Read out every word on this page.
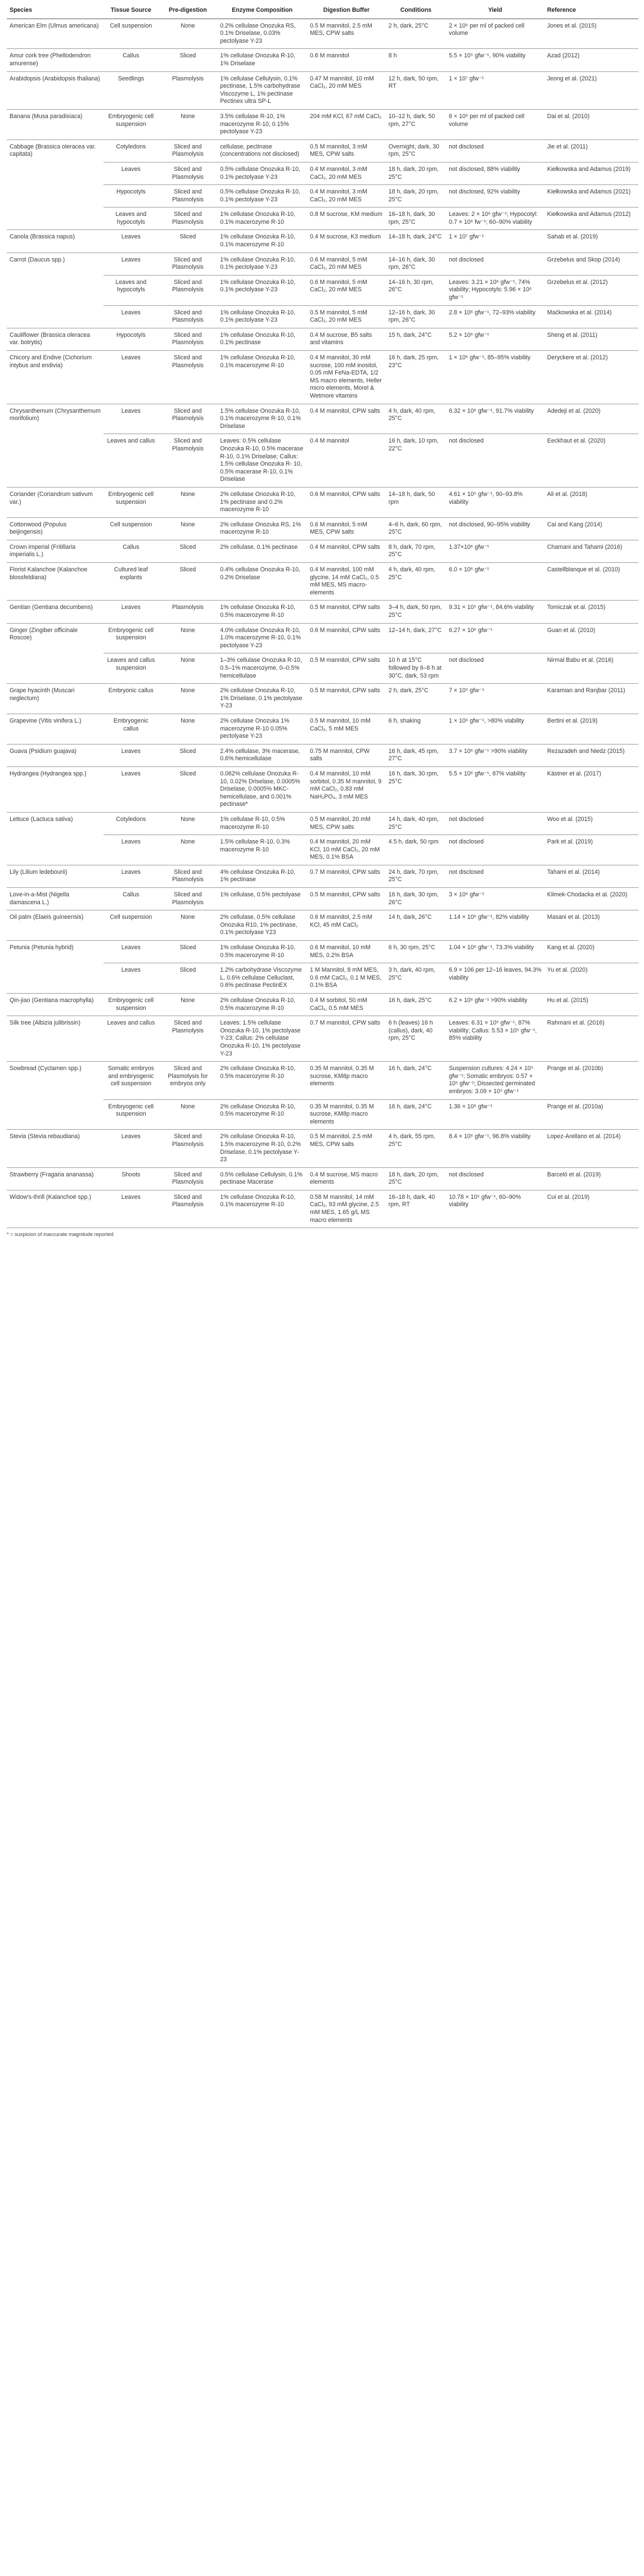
Species	Tissue Source	Pre-digestion	Enzyme Composition	Digestion Buffer	Conditions	Yield	Reference
American Elm (Ulmus americana)	Cell suspension	None	0.2% cellulase Onozuka RS, 0.1% Driselase, 0.03% pectolyase Y-23	0.5 M mannitol, 2.5 mM MES, CPW salts	2 h, dark, 25°C	2 × 10⁶ per ml of packed cell volume	Jones et al. (2015)
Amur cork tree (Phellodendron amurense)	Callus	Sliced	1% cellulase Onozuka R-10, 1% Driselase	0.6 M mannitol	8 h	5.5 × 10⁵ gfw⁻¹, 90% viability	Azad (2012)
Arabidopsis (Arabidopsis thaliana)	Seedlings	Plasmolysis	1% cellulase Cellulysin, 0.1% pectinase, 1.5% carbohydrase Viscozyme L, 1% pectinase Pectinex ultra SP-L	0.47 M mannitol, 10 mM CaCl₂, 20 mM MES	12 h, dark, 50 rpm, RT	1 × 10⁷ gfw⁻¹	Jeong et al. (2021)
Banana (Musa paradisiaca)	Embryogenic cell suspension	None	3.5% cellulase R-10, 1% macerozyme R-10, 0.15% pectolyase Y-23	204 mM KCl, 67 mM CaCl₂	10–12 h, dark, 50 rpm, 27°C	6 × 10⁶ per ml of packed cell volume	Dai et al. (2010)
Cabbage (Brassica oleracea var. capitata)	Cotyledons	Sliced and Plasmolysis	cellulase, pectinase (concentrations not disclosed)	0.5 M mannitol, 3 mM MES, CPW salts	Overnight, dark, 30 rpm, 25°C	not disclosed	Jie et al. (2011)
	Leaves	Sliced and Plasmolysis	0.5% cellulase Onozuka R-10, 0.1% pectolyase Y-23	0.4 M mannitol, 3 mM CaCl₂, 20 mM MES	18 h, dark, 20 rpm, 25°C	not disclosed, 88% viability	Kiełkowska and Adamus (2019)
	Hypocotyls	Sliced and Plasmolysis	0.5% cellulase Onozuka R-10, 0.1% pectolyase Y-23	0.4 M mannitol, 3 mM CaCl₂, 20 mM MES	18 h, dark, 20 rpm, 25°C	not disclosed, 92% viability	Kiełkowska and Adamus (2021)
	Leaves and hypocotyls	Sliced and Plasmolysis	1% cellulase Onozuka R-10, 0.1% macerozyme R-10	0.8 M sucrose, KM medium	16–18 h, dark, 30 rpm, 25°C	Leaves: 2 × 10⁶ gfw⁻¹; Hypocotyl: 0.7 × 10⁶ fw⁻¹; 60–90% viability	Kiełkowska and Adamus (2012)
Canola (Brassica napus)	Leaves	Sliced	1% cellulase Onozuka R-10, 0.1% macerozyme R-10	0.4 M sucrose, K3 medium	14–18 h, dark, 24°C	1 × 10⁷ gfw⁻¹	Sahab et al. (2019)
Carrot (Daucus spp.)	Leaves	Sliced and Plasmolysis	1% cellulase Onozuka R-10, 0.1% pectolyase Y-23	0.6 M mannitol, 5 mM CaCl₂, 20 mM MES	14–16 h, dark, 30 rpm, 26°C	not disclosed	Grzebelus and Skop (2014)
	Leaves and hypocotyls	Sliced and Plasmolysis	1% cellulase Onozuka R-10, 0.1% pectolyase Y-23	0.6 M mannitol, 5 mM CaCl₂, 20 mM MES	14–16 h, 30 rpm, 26°C	Leaves: 3.21 × 10⁶ gfw⁻¹, 74% viability; Hypocotyls: 5.96 × 10⁶ gfw⁻¹	Grzebelus et al. (2012)
	Leaves	Sliced and Plasmolysis	1% cellulase Onozuka R-10, 0.1% pectolyase Y-23	0.5 M mannitol, 5 mM CaCl₂, 20 mM MES	12–16 h, dark, 30 rpm, 26°C	2.8 × 10⁶ gfw⁻¹, 72–93% viability	Maćkowska et al. (2014)
Cauliflower (Brassica oleracea var. botrytis)	Hypocotyls	Sliced and Plasmolysis	1% cellulase Onozuka R-10, 0.1% pectinase	0.4 M sucrose, B5 salts and vitamins	15 h, dark, 24°C	5.2 × 10⁶ gfw⁻¹	Sheng et al. (2011)
Chicory and Endive (Cichorium intybus and endivia)	Leaves	Sliced and Plasmolysis	1% cellulase Onozuka R-10, 0.1% macerozyme R-10	0.4 M mannitol, 30 mM sucrose, 100 mM inositol, 0.05 mM FeNa-EDTA, 1/2 MS macro elements, Heller micro elements, Morel & Wetmore vitamins	16 h, dark, 25 rpm, 23°C	1 × 10⁶ gfw⁻¹, 85–95% viability	Deryckere et al. (2012)
Chrysanthemum (Chrysanthemum morifolium)	Leaves	Sliced and Plasmolysis	1.5% cellulase Onozuka R-10, 0.1% macerozyme R-10, 0.1% Driselase	0.4 M mannitol, CPW salts	4 h, dark, 40 rpm, 25°C	6.32 × 10⁶ gfw⁻¹, 91.7% viability	Adedeji et al. (2020)
	Leaves and callus	Sliced and Plasmolysis	Leaves: 0.5% cellulase Onozuka R-10, 0.5% macerase R-10, 0.1% Driselase; Callus: 1.5% cellulase Onozuka R- 10, 0.5% macerase R-10, 0.1% Driselase	0.4 M mannitol	16 h, dark, 10 rpm, 22°C	not disclosed	Eeckhaut et al. (2020)
Coriander (Coriandrum sativum var.)	Embryogenic cell suspension	None	2% cellulase Onozuka R-10, 1% pectinase and 0.2% macerozyme R-10	0.6 M mannitol, CPW salts	14–18 h, dark, 50 rpm	4.61 × 10⁵ gfw⁻¹, 90–93.8% viability	Ali et al. (2018)
Cottonwood (Populus beijingensis)	Cell suspension	None	2% cellulase Onozuka RS, 1% macerozyme R-10	0.6 M mannitol, 5 mM MES, CPW salts	4–6 h, dark, 60 rpm, 25°C	not disclosed, 90–95% viability	Cai and Kang (2014)
Crown imperial (Fritillaria imperialis L.)	Callus	Sliced	2% cellulase, 0.1% pectinase	0.4 M mannitol, CPW salts	8 h, dark, 70 rpm, 25°C	1.37×10⁶ gfw⁻¹	Chamani and Tahami (2016)
Florist Kalanchoe (Kalanchoe blossfeldiana)	Cultured leaf explants	Sliced	0.4% cellulase Onozuka R-10, 0.2% Driselase	0.4 M mannitol, 100 mM glycine, 14 mM CaCl₂, 0.5 mM MES, MS macro-elements	4 h, dark, 40 rpm, 25°C	6.0 × 10⁶ gfw⁻¹	Castellblanque et al. (2010)
Gentian (Gentiana decumbens)	Leaves	Plasmolysis	1% cellulase Onozuka R-10, 0.5% macerozyme R-10	0.5 M mannitol, CPW salts	3–4 h, dark, 50 rpm, 25°C	9.31 × 10⁵ gfw⁻¹, 84.6% viability	Tomiczak et al. (2015)
Ginger (Zingiber officinale Roscoe)	Embryogenic cell suspension	None	4.0% cellulase Onozuka R-10, 1.0% macerozyme R-10, 0.1% pectolyase Y-23	0.6 M mannitol, CPW salts	12–14 h, dark, 27°C	6.27 × 10⁶ gfw⁻¹	Guan et al. (2010)
	Leaves and callus suspension	None	1–3% cellulase Onozuka R-10, 0.5–1% macerozyme, 0–0.5% hemicellulase	0.5 M mannitol, CPW salts	10 h at 15°C followed by 6–8 h at 30°C, dark, 53 rpm	not disclosed	Nirmal Babu et al. (2016)
Grape hyacinth (Muscari neglectum)	Embryonic callus	None	2% cellulase Onozuka R-10, 1% Driselase, 0.1% pectolyase Y-23	0.5 M mannitol, CPW salts	2 h, dark, 25°C	7 × 10⁵ gfw⁻¹	Karamian and Ranjbar (2011)
Grapevine (Vitis vinifera L.)	Embryogenic callus	None	2% cellulase Onozuka 1% macerozyme R-10 0.05% pectolyase Y-23	0.5 M mannitol, 10 mM CaCl₂, 5 mM MES	6 h, shaking	1 × 10⁶ gfw⁻¹, >80% viability	Bertini et al. (2019)
Guava (Psidium guajava)	Leaves	Sliced	2.4% cellulase, 3% macerase, 0.6% hemicellulase	0.75 M mannitol, CPW salts	16 h, dark, 45 rpm, 27°C	3.7 × 10⁶ gfw⁻¹ >90% viability	Rezazadeh and Niedz (2015)
Hydrangea (Hydrangea spp.)	Leaves	Sliced	0.062% cellulase Onozuka R-10, 0.02% Driselase, 0.0005% Driselase, 0.0005% MKC-hemicellulase, and 0.001% pectinase*	0.4 M mannitol, 10 mM sorbitol, 0.35 M mannitol, 9 mM CaCl₂, 0.83 mM NaH₂PO₄, 3 mM MES	16 h, dark, 30 rpm, 25°C	5.5 × 10⁶ gfw⁻¹, 87% viability	Kästner et al. (2017)
Lettuce (Lactuca sativa)	Cotyledons	None	1% cellulase R-10, 0.5% macerozyme R-10	0.5 M mannitol, 20 mM MES, CPW salts	14 h, dark, 40 rpm, 25°C	not disclosed	Woo et al. (2015)
	Leaves	None	1.5% cellulase R-10, 0.3% macerozyme R-10	0.4 M mannitol, 20 mM KCl, 10 mM CaCl₂, 20 mM MES, 0.1% BSA	4.5 h, dark, 50 rpm	not disclosed	Park et al. (2019)
Lily (Lilium ledebourii)	Leaves	Sliced and Plasmolysis	4% cellulase Onozuka R-10, 1% pectinase	0.7 M mannitol, CPW salts	24 h, dark, 70 rpm, 25°C	not disclosed	Tahami et al. (2014)
Love-in-a-Mist (Nigella damascena L.)	Callus	Sliced and Plasmolysis	1% cellulase, 0.5% pectolyase	0.5 M mannitol, CPW salts	16 h, dark, 30 rpm, 26°C	3 × 10⁶ gfw⁻¹	Klimek-Chodacka et al. (2020)
Oil palm (Elaeis guineensis)	Cell suspension	None	2% cellulase, 0.5% cellulase Onozuka R10, 1% pectinase, 0.1% pectolyase Y23	0.6 M mannitol, 2.5 mM KCl, 45 mM CaCl₂	14 h, dark, 26°C	1.14 × 10⁶ gfw⁻¹, 82% viability	Masani et al. (2013)
Petunia (Petunia hybrid)	Leaves	Sliced	1% cellulase Onozuka R-10, 0.5% macerozyme R-10	0.6 M mannitol, 10 mM MES, 0.2% BSA	6 h, 30 rpm, 25°C	1.04 × 10⁶ gfw⁻¹, 73.3% viability	Kang et al. (2020)
	Leaves	Sliced	1.2% carbohydrase Viscozyme L, 0.6% cellulase Celluclast, 0.6% pectinase PectinEX	1 M Mannitol, 8 mM MES, 0.6 mM CaCl₂, 0.1 M MES, 0.1% BSA	3 h, dark, 40 rpm, 25°C	6.9 × 106 per 12–16 leaves, 94.3% viability	Yu et al. (2020)
Qin-jiao (Gentiana macrophylla)	Embryogenic cell suspension	None	2% cellulase Onozuka R-10, 0.5% macerozyme R-10	0.4 M sorbitol, 50 mM CaCl₂, 0.5 mM MES	16 h, dark, 25°C	6.2 × 10⁶ gfw⁻¹ >90% viability	Hu et al. (2015)
Silk tree (Albizia julibrissin)	Leaves and callus	Sliced and Plasmolysis	Leaves: 1.5% cellulase Onozuka R-10, 1% pectolyase Y-23; Callus: 2% cellulase Onozuka R-10, 1% pectolyase Y-23	0.7 M mannitol, CPW salts	6 h (leaves) 16 h (callus), dark, 40 rpm, 25°C	Leaves: 6.31 × 10⁵ gfw⁻¹, 87% viability; Callus: 5.53 × 10⁵ gfw⁻¹, 85% viability	Rahmani et al. (2016)
Sowbread (Cyclamen spp.)	Somatic embryos and embryogenic cell suspension	Sliced and Plasmolysis for embryos only	2% cellulase Onozuka R-10, 0.5% macerozyme R-10	0.35 M mannitol, 0.35 M sucrose, KM8p macro elements	16 h, dark, 24°C	Suspension cultures: 4.24 × 10⁵ gfw⁻¹; Somatic embryos: 0.57 × 10⁵ gfw⁻¹; Dissected germinated embryos: 3.09 × 10⁵ gfw⁻¹	Prange et al. (2010b)
	Embryogenic cell suspension	None	2% cellulase Onozuka R-10, 0.5% macerozyme R-10	0.35 M mannitol, 0.35 M sucrose, KM8p macro elements	16 h, dark, 24°C	1.36 × 10⁶ gfw⁻¹	Prange et al. (2010a)
Stevia (Stevia rebaudiana)	Leaves	Sliced and Plasmolysis	2% cellulase Onozuka R-10, 1.5% macerozyme R-10, 0.2% Driselase, 0.1% pectolyase Y-23	0.5 M mannitol, 2.5 mM MES, CPW salts	4 h, dark, 55 rpm, 25°C	8.4 × 10⁶ gfw⁻¹, 96.8% viability	Lopez-Arellano et al. (2014)
Strawberry (Fragaria ananassa)	Shoots	Sliced and Plasmolysis	0.5% cellulase Cellulysin, 0.1% pectinase Macerase	0.4 M sucrose, MS macro elements	18 h, dark, 20 rpm, 25°C	not disclosed	Barceló et al. (2019)
Widow's-thrill (Kalanchoë spp.)	Leaves	Sliced and Plasmolysis	1% cellulase Onozuka R-10, 0.1% macerozyme R-10	0.58 M mannitol, 14 mM CaCl₂, 93 mM glycine, 2.5 mM MES, 1.65 g/L MS macro elements	16–18 h, dark, 40 rpm, RT	10.78 × 10⁵ gfw⁻¹, 60–90% viability	Cui et al. (2019)
* = suspicion of inaccurate magnitude reported
